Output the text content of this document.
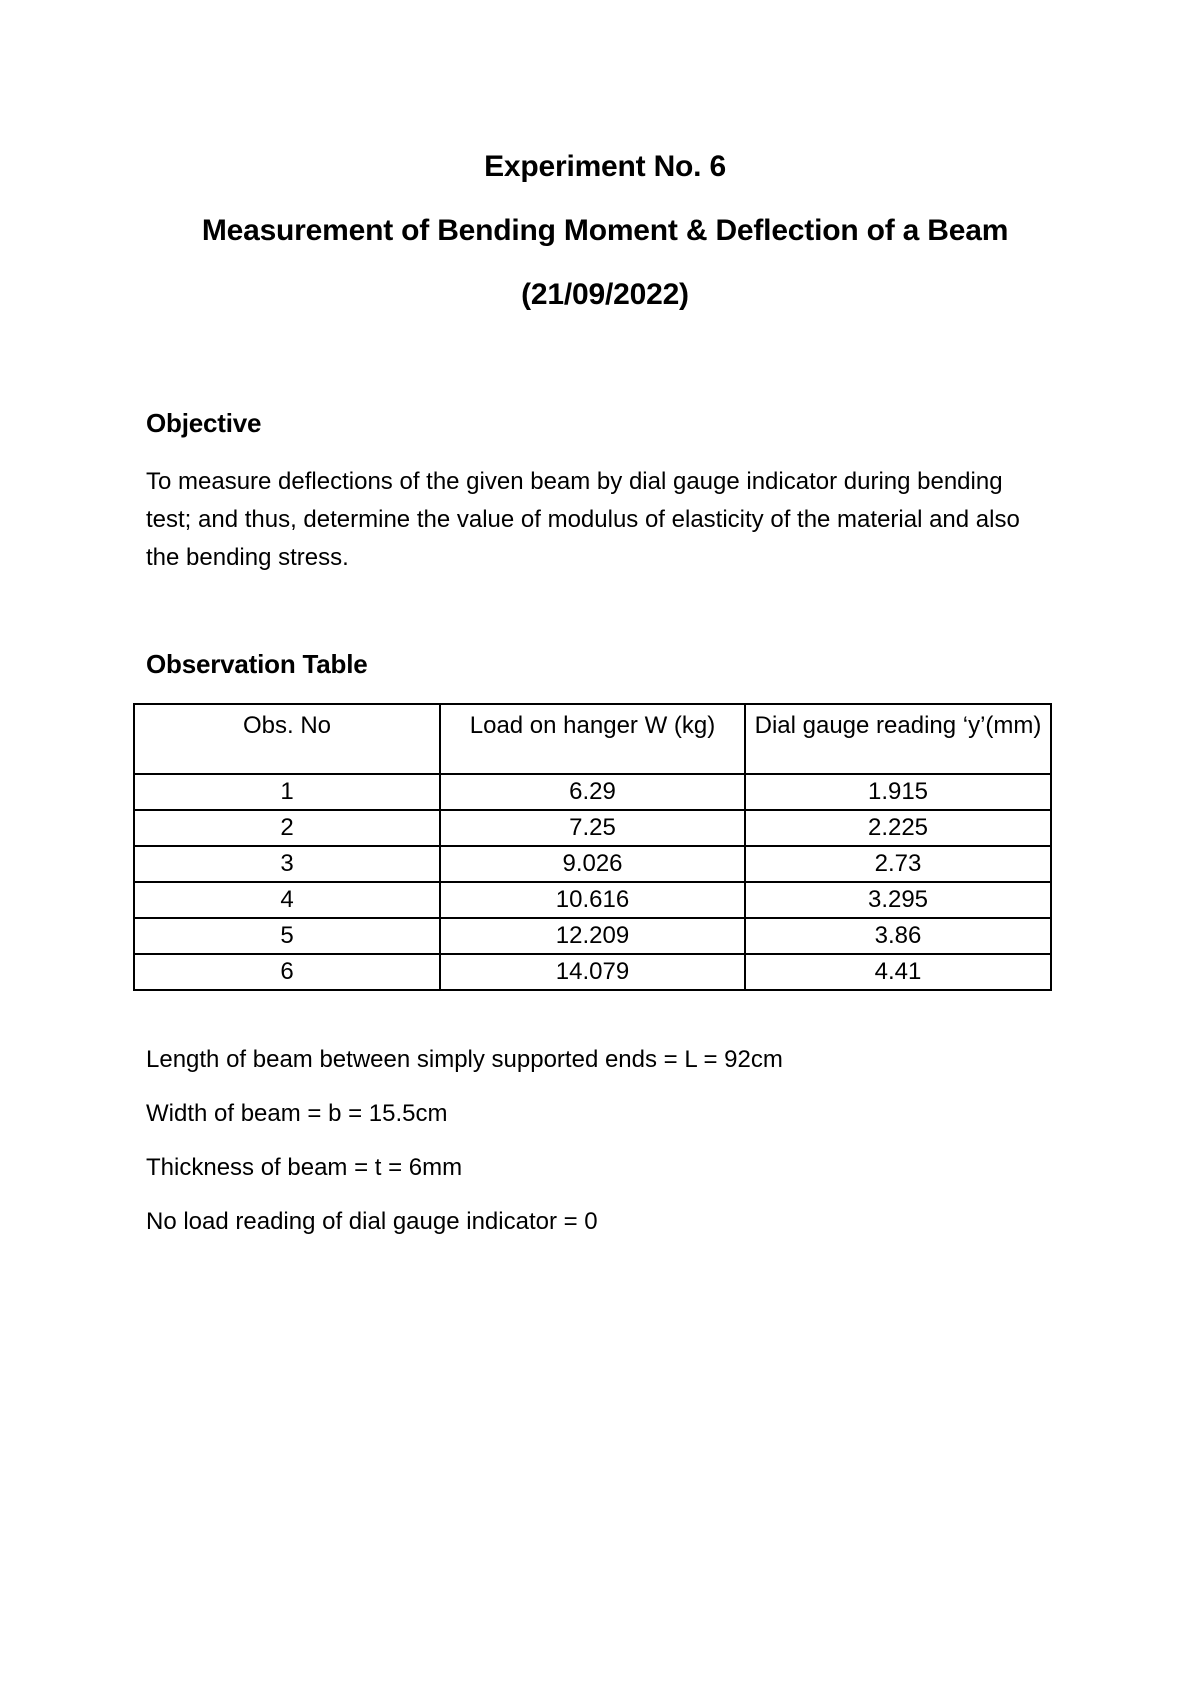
Experiment No. 6

Measurement of Bending Moment & Deflection of a Beam

(21/09/2022)

Objective

To measure deflections of the given beam by dial gauge indicator during bending test; and thus, determine the value of modulus of elasticity of the material and also the bending stress.

Observation Table
Obs. No	Load on hanger W (kg)	Dial gauge reading ‘y’(mm)
1	6.29	1.915
2	7.25	2.225
3	9.026	2.73
4	10.616	3.295
5	12.209	3.86
6	14.079	4.41
Length of beam between simply supported ends = L = 92cm
Width of beam = b = 15.5cm
Thickness of beam = t = 6mm
No load reading of dial gauge indicator = 0
